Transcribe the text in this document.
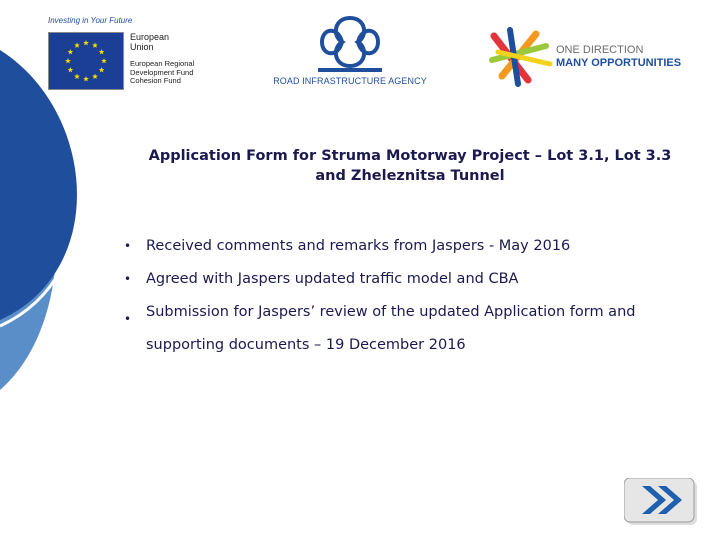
Investing in Your Future
European
Union
European Regional
Development Fund
Cohesion Fund	ROAD INFRASTRUCTURE AGENCY
ONE DIRECTION
MANY OPPORTUNITIES
Application Form for Struma Motorway Project – Lot 3.1, Lot 3.3
and Zheleznitsa Tunnel
• Received comments and remarks from Jaspers - May 2016
• Agreed with Jaspers updated traffic model and CBA
• Submission for Jaspers’ review of the updated Application form and supporting documents – 19 December 2016
